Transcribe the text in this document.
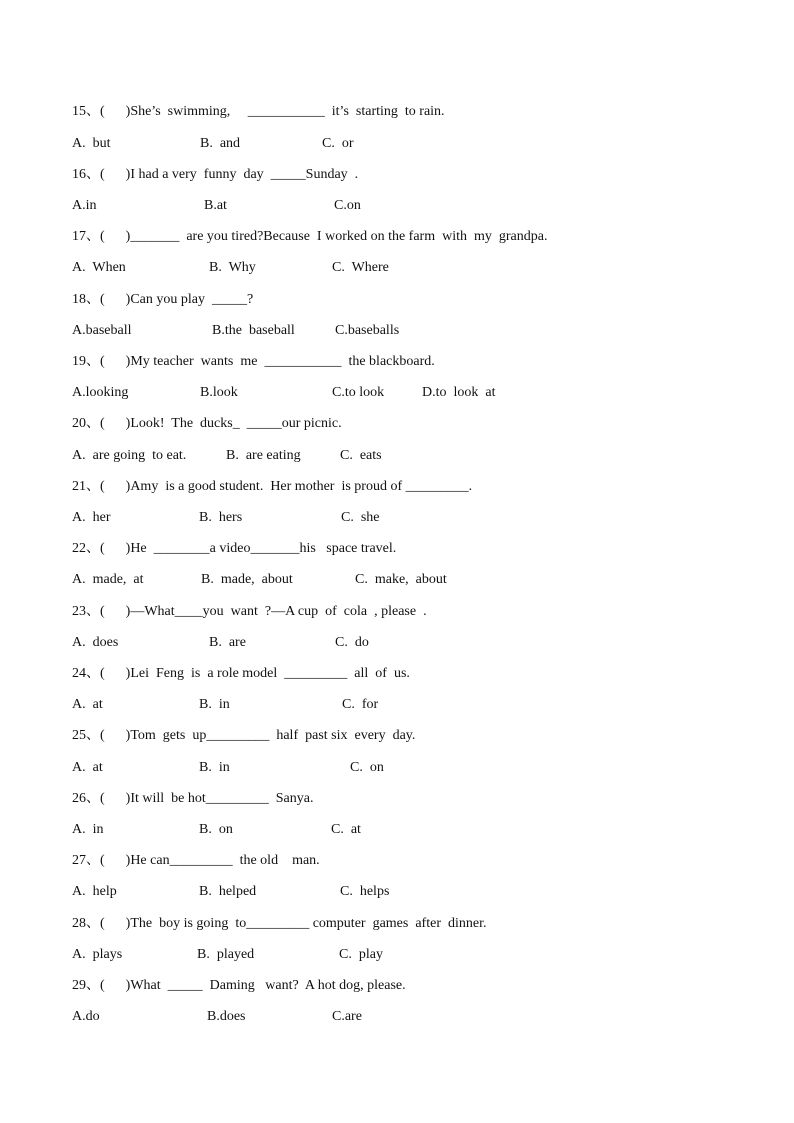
15、(      )She’s  swimming,     ___________  it’s  starting  to rain.

A.  but

	B.  and

	C.  or

16、(      )I had a very  funny  day  _____Sunday  .

A.in

	B.at

	C.on

17、(      )_______  are you tired?Because  I worked on the farm  with  my  grandpa.

A.  When

	B.  Why

	C.  Where

18、(      )Can you play  _____?

A.baseball

	B.the  baseball

	C.baseballs

19、(      )My teacher  wants  me  ___________  the blackboard.

A.looking

	B.look

	C.to look

	D.to  look  at

20、(      )Look!  The  ducks_  _____our picnic.

A.  are going  to eat.

	B.  are eating

	C.  eats

21、(      )Amy  is a good student.  Her mother  is proud of _________.

A.  her

	B.  hers

	C.  she

22、(      )He  ________a video_______his   space travel.

A.  made,  at

	B.  made,  about

	C.  make,  about

23、(      )—What____you  want  ?—A cup  of  cola  , please  .

A.  does

	B.  are

	C.  do

24、(      )Lei  Feng  is  a role model  _________  all  of  us.

A.  at

	B.  in

	C.  for

25、(      )Tom  gets  up_________  half  past six  every  day.

A.  at

	B.  in

	C.  on

26、(      )It will  be hot_________  Sanya.

A.  in

	B.  on

	C.  at

27、(      )He can_________  the old    man.

A.  help

	B.  helped

	C.  helps

28、(      )The  boy is going  to_________ computer  games  after  dinner.

A.  plays

	B.  played

	C.  play

29、(      )What  _____  Daming   want?  A hot dog, please.

A.do

	B.does

	C.are
